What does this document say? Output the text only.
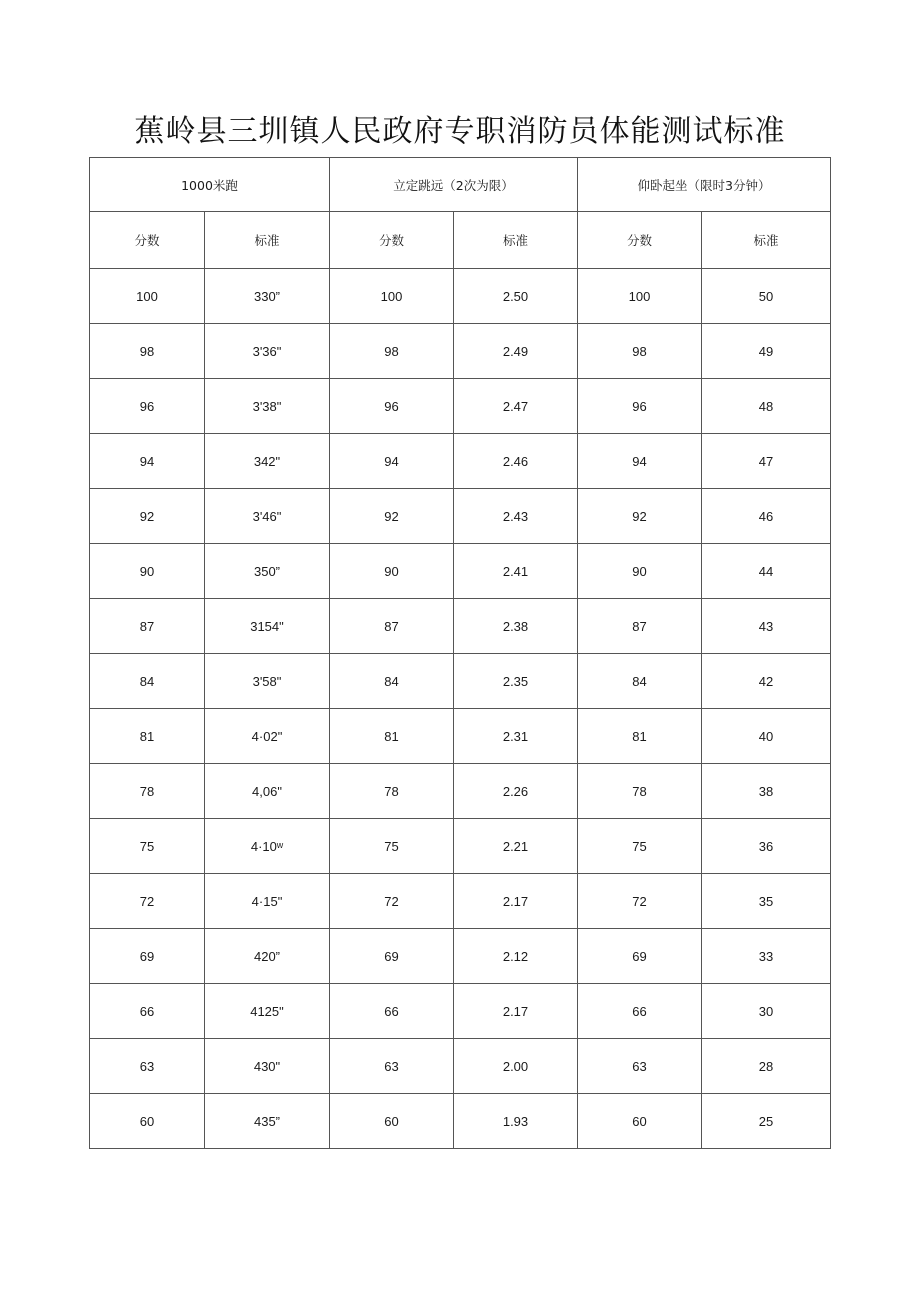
蕉岭县三圳镇人民政府专职消防员体能测试标准
1000米跑		立定跳远（2次为限）		仰卧起坐（限时3分钟）	
分数	标准	分数	标准	分数	标准
100	330”	100	2.50	100	50
98	3'36"	98	2.49	98	49
96	3'38"	96	2.47	96	48
94	342"	94	2.46	94	47
92	3'46"	92	2.43	92	46
90	350”	90	2.41	90	44
87	3154"	87	2.38	87	43
84	3'58"	84	2.35	84	42
81	4·02"	81	2.31	81	40
78	4,06"	78	2.26	78	38
75	4·10ʷ	75	2.21	75	36
72	4·15"	72	2.17	72	35
69	420”	69	2.12	69	33
66	4125"	66	2.17	66	30
63	430"	63	2.00	63	28
60	435”	60	1.93	60	25
